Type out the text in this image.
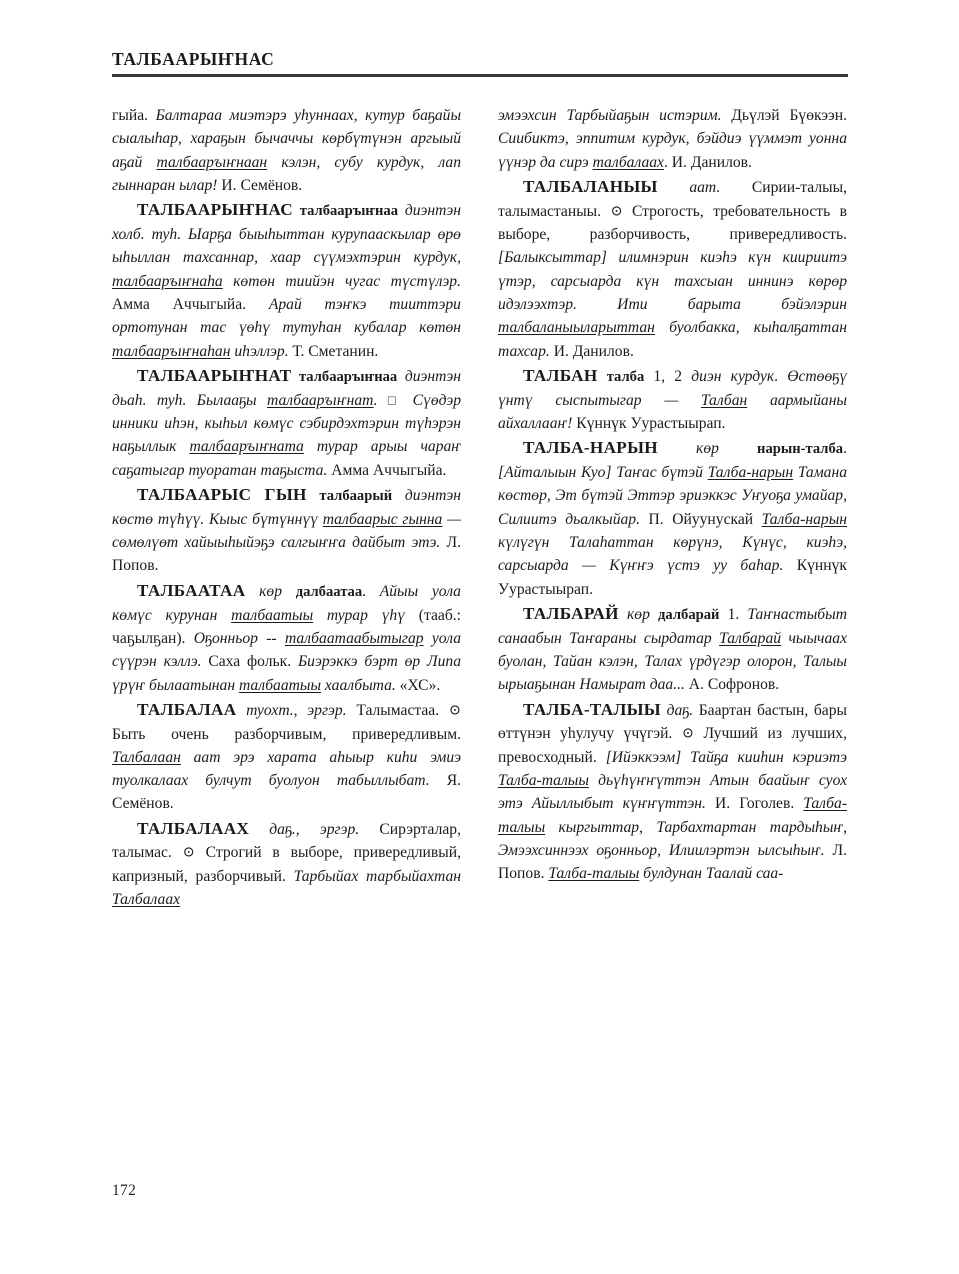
ТАЛБААРЫҤНАС

гыйа. Балтараа миэтэрэ уһуннаах, кутур баҕайы сыалыһар, хараҕын бычаччы көрбүтүнэн аргыый аҕай талбааръıҥнаан кэлэн, субу курдук, лап гыннаран ылар! И. Семёнов.

ТАЛБААРЫҤНАС талбааръıҥнаа диэнтэн холб. туһ. Ыарҕа быыһыттан курупааскылар өрө ыһыллан тахсаннар, хаар сүүмэхтэрин курдук, талбааръıҥнаһа көтөн тиийэн чугас түстүлэр. Амма Аччыгыйа. Арай тэҥкэ тииттэри ортотунан тас үөһү тутуһан кубалар көтөн талбааръıҥнаһан иһэллэр. Т. Сметанин.

ТАЛБААРЫҤНАТ талбааръıҥнаа диэнтэн дьаһ. туһ. Былааҕы талбааръıҥнат. □ Сүөдэр инники иһэн, кыһыл көмүс сэбирдэхтэрин түһэрэн наҕыллык талбааръıҥната турар арыы чараҥ саҕатыгар туоратан таҕыста. Амма Аччыгыйа.

ТАЛБААРЫС ГЫН талбаарый диэнтэн көстө түһүү. Кыыс бүтүннүү талбаарыс гынна — сөмөлүөт хайыыһыйэҕэ салгыҥҥа дайбыт этэ. Л. Попов.

ТАЛБААТАА көр далбаатаа. Айыы уола көмүс курунан талбаатыы турар үһү (тааб.: чаҕылҕан). Оҕонньор -- талбаатаабытыгар уола сүүрэн кэллэ. Саха фольк. Биэрэккэ бэрт өр Липа үрүҥ былаатынан талбаатыы хаалбыта. «ХС».

ТАЛБАЛАА туохт., эргэр. Талымастаа. ⊙ Быть очень разборчивым, привередливым. Талбалаан аат эрэ харата аһыыр киһи эмиэ туолкалаах булчут буолуон табыллыбат. Я. Семёнов.

ТАЛБАЛААХ даҕ., эргэр. Сирэрталар, талымас. ⊙ Строгий в выборе, привередливый, капризный, разборчивый. Тарбыйах тарбыйахтан Талбалаах

эмээхсин Тарбыйаҕын истэрим. Дьүлэй Бүөкээн. Сиибиктэ, эппитим курдук, бэйдиэ үүммэт уонна үүнэр да сирэ талбалаах. И. Данилов.

ТАЛБАЛАНЫЫ аат. Сирии-талыы, талымастаныы. ⊙ Строгость, требовательность в выборе, разборчивость, привередливость. [Балыксыттар] илимнэрин киэһэ күн киириитэ үтэр, сарсыарда күн тахсыан иннинэ көрөр идэлээхтэр. Ити барыта бэйэлэрин талбаланыыларыттан буолбакка, кыһалҕаттан тахсар. И. Данилов.

ТАЛБАН талба 1, 2 диэн курдук. Өстөөҕү үнтү сыспытыгар — Талбан аармыйаны айхаллааҥ! Күннүк Уурастыырап.

ТАЛБА-НАРЫН көр	нарын-талба. [Айталыын Куо] Таҥас бүтэй Талба-нарын Тамана көстөр, Эт бүтэй Эттэр эриэккэс Уҥуоҕа умайар, Силиитэ дьалкыйар. П. Ойуунускай Талба-нарын күлүгүн Талаһаттан көрүнэ, Күнүс, киэһэ, сарсыарда — Күҥҥэ үстэ уу баһар. Күннүк Уурастыырап.

ТАЛБАРАЙ көр далбарай 1. Таҥнастыбыт санаабын Таҥараны сырдатар Талбарай чыычаах буолан, Тайан кэлэн, Талах үрдүгэр олорон, Талыы ырыаҕынан Намырат даа... А. Софронов.

ТАЛБА-ТАЛЫЫ даҕ. Баартан бастын, бары өттүнэн уһулучу үчүгэй. ⊙ Лучший из лучших, превосходный. [Ийэккээм] Тайҕа кииһин кэриэтэ Талба-талыы дьүһүҥҥүттэн Атын баайыҥ суох этэ Айыллыбыт күҥҥүттэн. И. Гоголев. Талба-талыы кыргыттар, Тарбахтартан тардыһыҥ, Эмээхсиннээх оҕонньор, Илиилэртэн ылсыһыҥ. Л. Попов. Талба-талыы булдунан Таалай саа-

172
